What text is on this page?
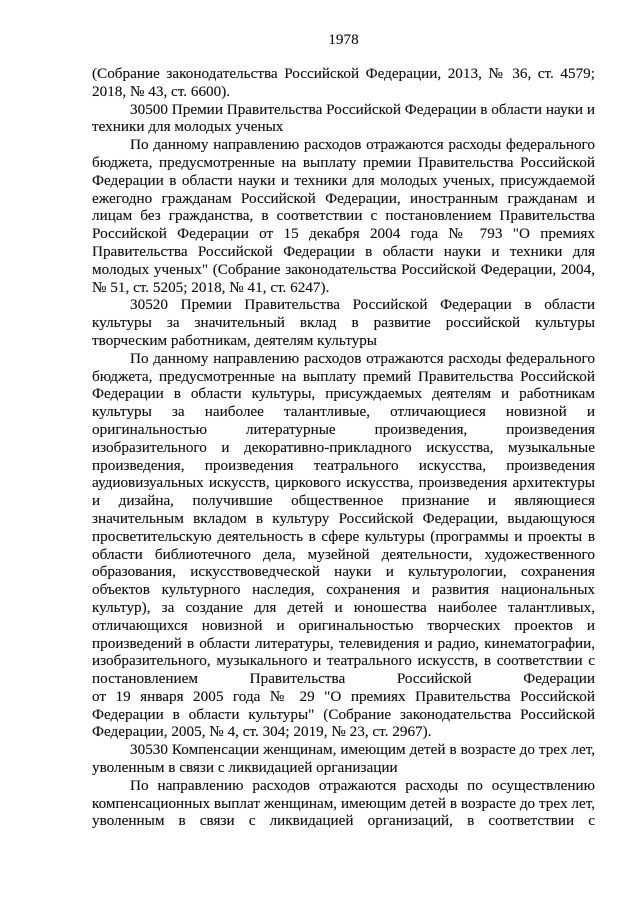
1978
(Собрание законодательства Российской Федерации, 2013, № 36, ст. 4579;
2018, № 43, ст. 6600).
30500 Премии Правительства Российской Федерации в области науки и
техники для молодых ученых
По данному направлению расходов отражаются расходы федерального
бюджета, предусмотренные на выплату премии Правительства Российской
Федерации в области науки и техники для молодых ученых, присуждаемой
ежегодно гражданам Российской Федерации, иностранным гражданам и
лицам без гражданства, в соответствии с постановлением Правительства
Российской Федерации от 15 декабря 2004 года № 793 "О премиях
Правительства Российской Федерации в области науки и техники для
молодых ученых" (Собрание законодательства Российской Федерации, 2004,
№ 51, ст. 5205; 2018, № 41, ст. 6247).
30520 Премии Правительства Российской Федерации в области
культуры за значительный вклад в развитие российской культуры
творческим работникам, деятелям культуры
По данному направлению расходов отражаются расходы федерального
бюджета, предусмотренные на выплату премий Правительства Российской
Федерации в области культуры, присуждаемых деятелям и работникам
культуры за наиболее талантливые, отличающиеся новизной и
оригинальностью литературные произведения, произведения
изобразительного и декоративно-прикладного искусства, музыкальные
произведения, произведения театрального искусства, произведения
аудиовизуальных искусств, циркового искусства, произведения архитектуры
и дизайна, получившие общественное признание и являющиеся
значительным вкладом в культуру Российской Федерации, выдающуюся
просветительскую деятельность в сфере культуры (программы и проекты в
области библиотечного дела, музейной деятельности, художественного
образования, искусствоведческой науки и культурологии, сохранения
объектов культурного наследия, сохранения и развития национальных
культур), за создание для детей и юношества наиболее талантливых,
отличающихся новизной и оригинальностью творческих проектов и
произведений в области литературы, телевидения и радио, кинематографии,
изобразительного, музыкального и театрального искусств, в соответствии с
постановлением Правительства Российской Федерации
от 19 января 2005 года № 29 "О премиях Правительства Российской
Федерации в области культуры" (Собрание законодательства Российской
Федерации, 2005, № 4, ст. 304; 2019, № 23, ст. 2967).
30530 Компенсации женщинам, имеющим детей в возрасте до трех лет,
уволенным в связи с ликвидацией организации
По направлению расходов отражаются расходы по осуществлению
компенсационных выплат женщинам, имеющим детей в возрасте до трех лет,
уволенным в связи с ликвидацией организаций, в соответствии с
